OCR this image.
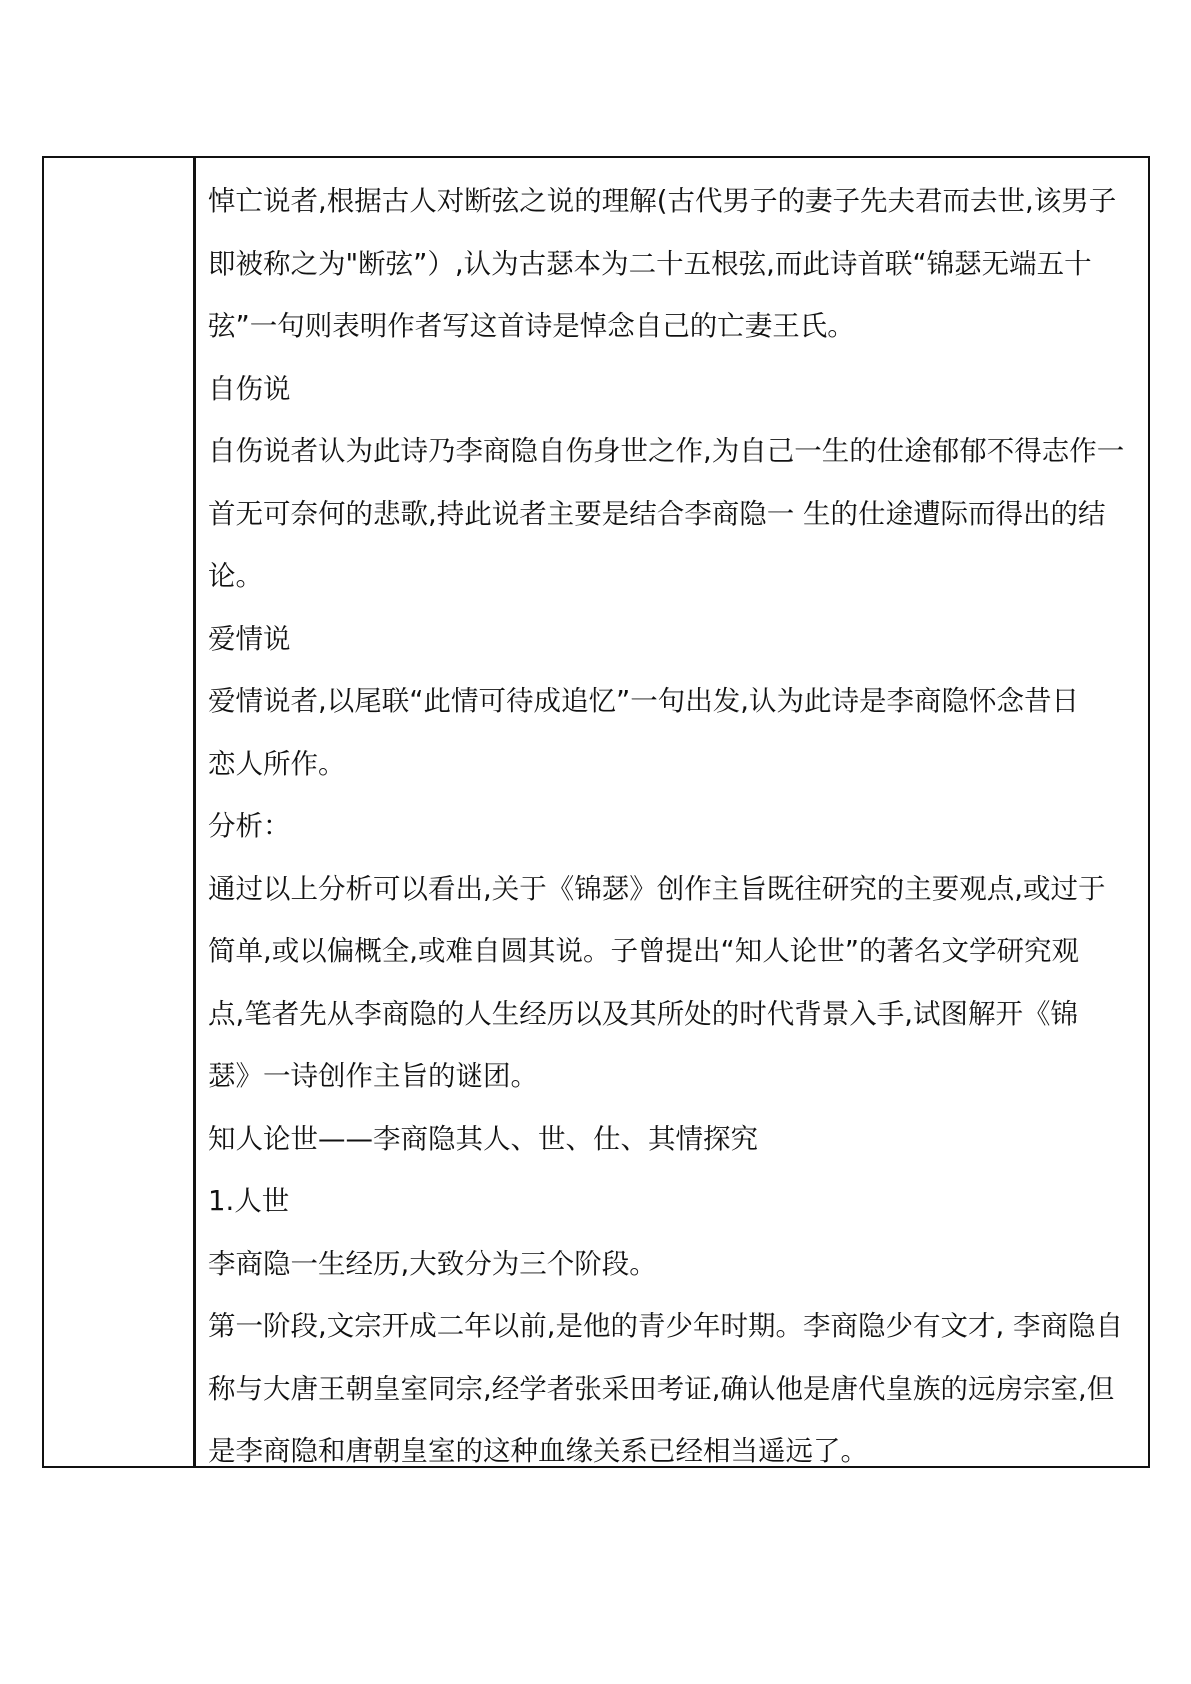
悼亡说者,根据古人对断弦之说的理解(古代男子的妻子先夫君而去世,该男子
即被称之为"断弦”）,认为古瑟本为二十五根弦,而此诗首联“锦瑟无端五十
弦”一句则表明作者写这首诗是悼念自己的亡妻王氏。
自伤说
自伤说者认为此诗乃李商隐自伤身世之作,为自己一生的仕途郁郁不得志作一
首无可奈何的悲歌,持此说者主要是结合李商隐一 生的仕途遭际而得出的结
论。
爱情说
爱情说者,以尾联“此情可待成追忆”一句出发,认为此诗是李商隐怀念昔日
恋人所作。
分析：
通过以上分析可以看出,关于《锦瑟》创作主旨既往研究的主要观点,或过于
简单,或以偏概全,或难自圆其说。子曾提出“知人论世”的著名文学研究观
点,笔者先从李商隐的人生经历以及其所处的时代背景入手,试图解开《锦
瑟》一诗创作主旨的谜团。
知人论世——李商隐其人、世、仕、其情探究
1.人世
李商隐一生经历,大致分为三个阶段。
第一阶段,文宗开成二年以前,是他的青少年时期。李商隐少有文才, 李商隐自
称与大唐王朝皇室同宗,经学者张采田考证,确认他是唐代皇族的远房宗室,但
是李商隐和唐朝皇室的这种血缘关系已经相当遥远了。
